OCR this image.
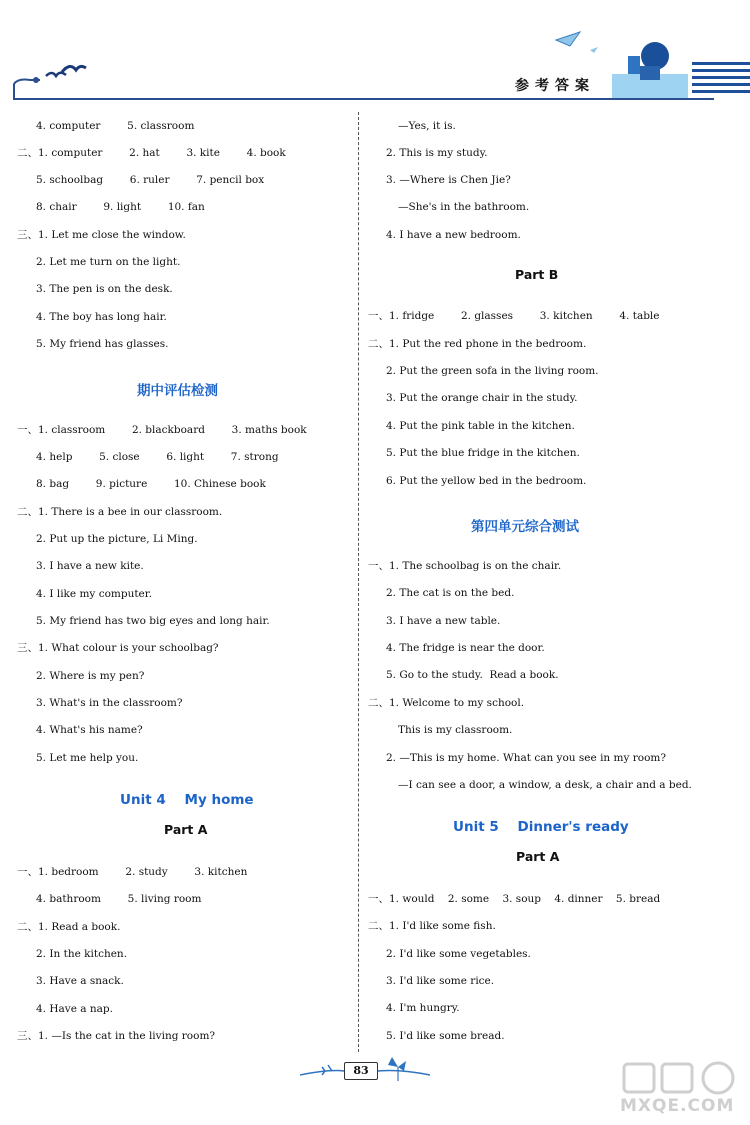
参考答案
4. computer        5. classroom
二、1. computer        2. hat        3. kite        4. book
5. schoolbag        6. ruler        7. pencil box
8. chair        9. light        10. fan
三、1. Let me close the window.
2. Let me turn on the light.
3. The pen is on the desk.
4. The boy has long hair.
5. My friend has glasses.
期中评估检测
一、1. classroom        2. blackboard        3. maths book
4. help        5. close        6. light        7. strong
8. bag        9. picture        10. Chinese book
二、1. There is a bee in our classroom.
2. Put up the picture, Li Ming.
3. I have a new kite.
4. I like my computer.
5. My friend has two big eyes and long hair.
三、1. What colour is your schoolbag?
2. Where is my pen?
3. What's in the classroom?
4. What's his name?
5. Let me help you.
Unit 4    My home
Part A
一、1. bedroom        2. study        3. kitchen
4. bathroom        5. living room
二、1. Read a book.
2. In the kitchen.
3. Have a snack.
4. Have a nap.
三、1. —Is the cat in the living room?
—Yes, it is.
2. This is my study.
3. —Where is Chen Jie?
—She's in the bathroom.
4. I have a new bedroom.
Part B
一、1. fridge        2. glasses        3. kitchen        4. table
二、1. Put the red phone in the bedroom.
2. Put the green sofa in the living room.
3. Put the orange chair in the study.
4. Put the pink table in the kitchen.
5. Put the blue fridge in the kitchen.
6. Put the yellow bed in the bedroom.
第四单元综合测试
一、1. The schoolbag is on the chair.
2. The cat is on the bed.
3. I have a new table.
4. The fridge is near the door.
5. Go to the study.  Read a book.
二、1. Welcome to my school.
This is my classroom.
2. —This is my home. What can you see in my room?
—I can see a door, a window, a desk, a chair and a bed.
Unit 5    Dinner's ready
Part A
一、1. would    2. some    3. soup    4. dinner    5. bread
二、1. I'd like some fish.
2. I'd like some vegetables.
3. I'd like some rice.
4. I'm hungry.
5. I'd like some bread.
83
MXQE.COM
